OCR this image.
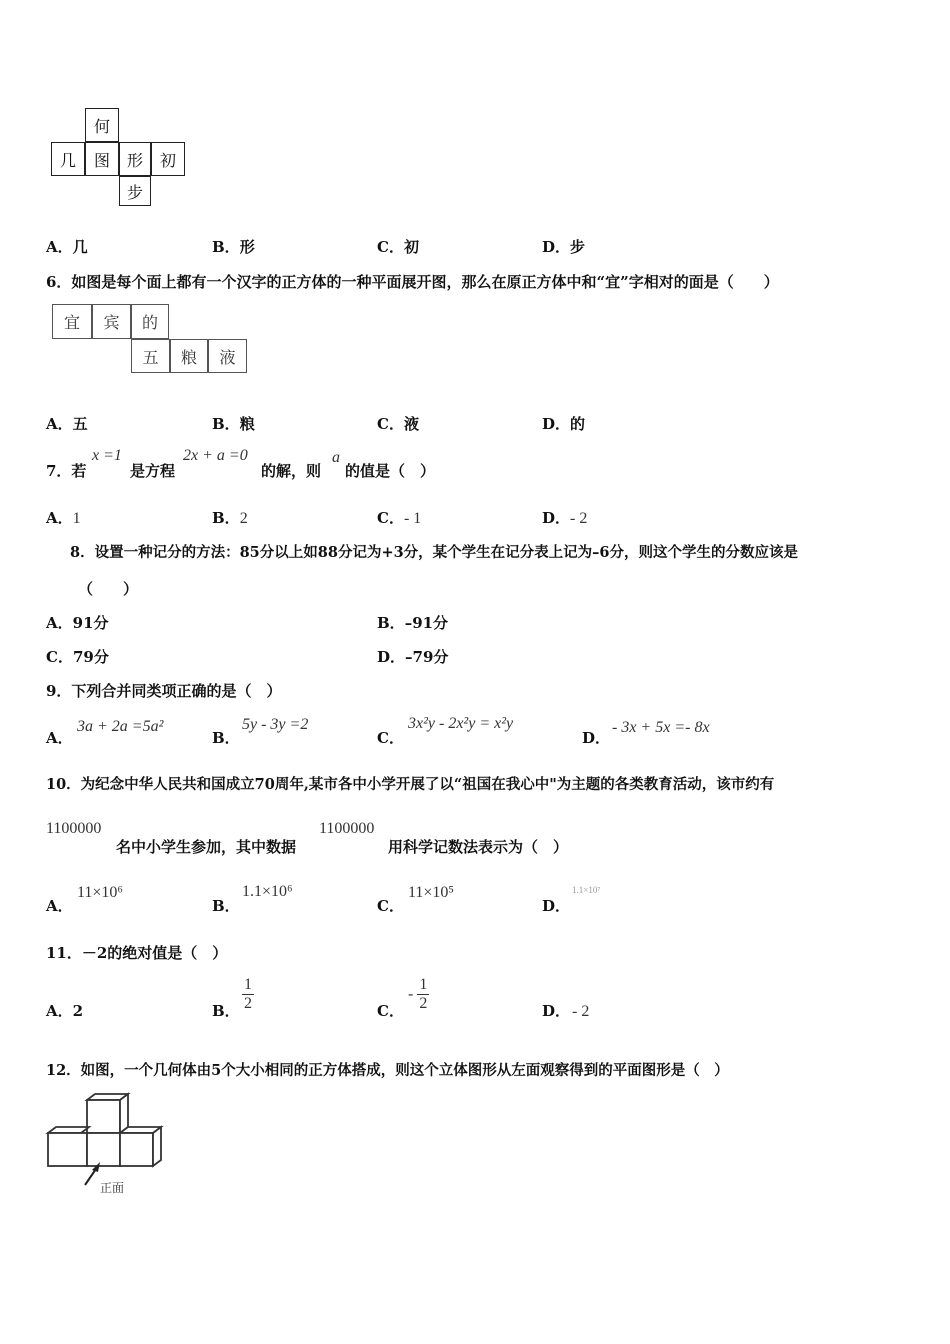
何
几	图	形	初
步
A．几	B．形	C．初	D．步
6．如图是每个面上都有一个汉字的正方体的一种平面展开图，那么在原正方体中和“宜”字相对的面是（　　）
宜	宾	的
五	粮	液
A．五	B．粮	C．液	D．的
7．若
x =1
是方程
2x + a =0
的解，则
a
的值是（　）
A．1	B．2	C．- 1	D．- 2
8．设置一种记分的方法：85分以上如88分记为+3分，某个学生在记分表上记为–6分，则这个学生的分数应该是
（　　）
A．91分	B．–91分
C．79分	D．–79分
9．下列合并同类项正确的是（　）
A．
3a + 2a =5a²
B．
5y - 3y =2
C．
3x²y - 2x²y = x²y
D．
- 3x + 5x =- 8x
10．为纪念中华人民共和国成立70周年,某市各中小学开展了以“祖国在我心中"为主题的各类教育活动，该市约有
1100000
名中小学生参加，其中数据
1100000
用科学记数法表示为（　）
A．
11×10⁶
B．
1.1×10⁶
C．
11×10⁵
D．
1.1×10⁷
11．－2的绝对值是（　）
A．2	B． $\frac{1}{2}$	C．
- $\frac{1}{2}$	D． - 2
12．如图，一个几何体由5个大小相同的正方体搭成，则这个立体图形从左面观察得到的平面图形是（　）
正面
